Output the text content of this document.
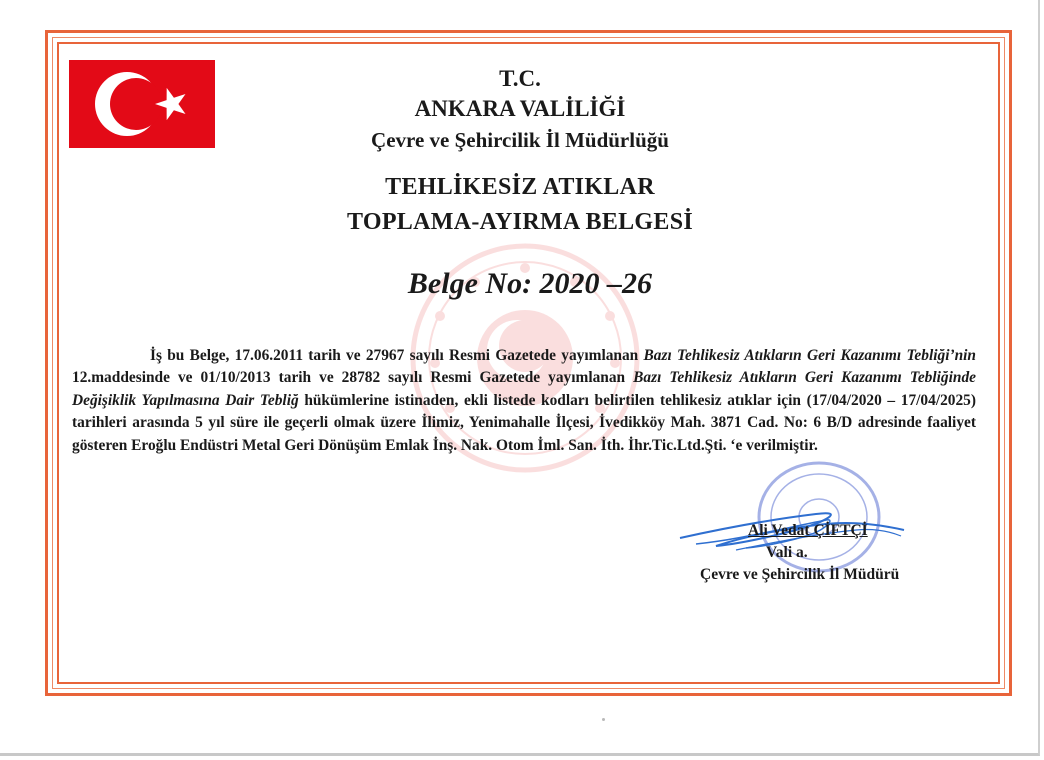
T.C.
ANKARA VALİLİĞİ
Çevre ve Şehircilik İl Müdürlüğü
TEHLİKESİZ ATIKLAR
TOPLAMA-AYIRMA BELGESİ
Belge No: 2020 –26
İş bu Belge, 17.06.2011 tarih ve 27967 sayılı Resmi Gazetede yayımlanan Bazı Tehlikesiz Atıkların Geri Kazanımı Tebliği’nin 12.maddesinde ve 01/10/2013 tarih ve 28782 sayılı Resmi Gazetede yayımlanan Bazı Tehlikesiz Atıkların Geri Kazanımı Tebliğinde Değişiklik Yapılmasına Dair Tebliğ hükümlerine istinaden, ekli listede kodları belirtilen tehlikesiz atıklar için (17/04/2020 – 17/04/2025) tarihleri arasında 5 yıl süre ile geçerli olmak üzere İlimiz, Yenimahalle İlçesi, İvedikköy Mah. 3871 Cad. No: 6 B/D adresinde faaliyet gösteren Eroğlu Endüstri Metal Geri Dönüşüm Emlak İnş. Nak. Otom İml. San. İth. İhr.Tic.Ltd.Şti. ‘e verilmiştir.
Ali Vedat ÇİFTÇİ
Vali a.
Çevre ve Şehircilik İl Müdürü
